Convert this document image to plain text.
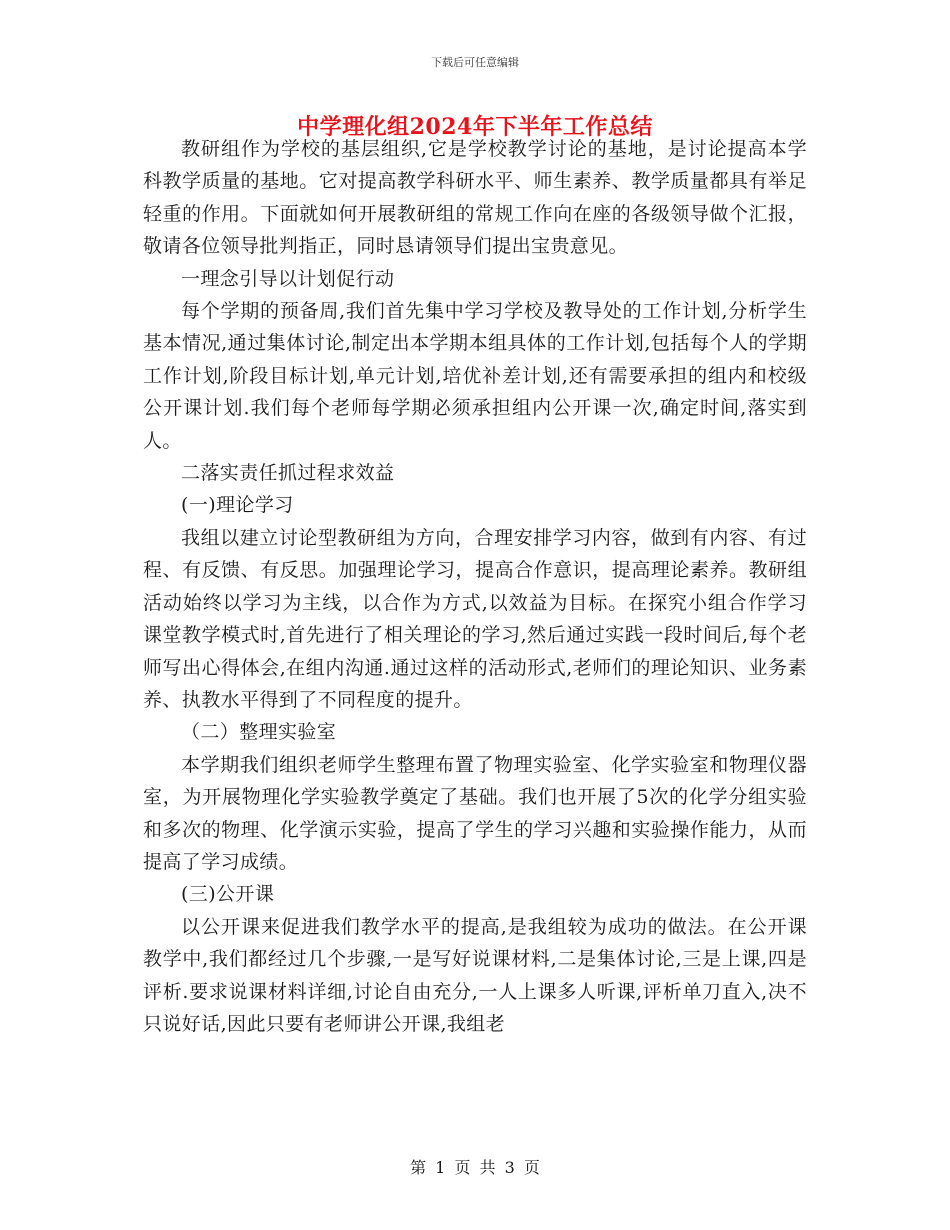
下载后可任意编辑
中学理化组2024年下半年工作总结

教研组作为学校的基层组织,它是学校教学讨论的基地，是讨论提高本学科教学质量的基地。它对提高教学科研水平、师生素养、教学质量都具有举足轻重的作用。下面就如何开展教研组的常规工作向在座的各级领导做个汇报，敬请各位领导批判指正，同时恳请领导们提出宝贵意见。

一理念引导以计划促行动

每个学期的预备周,我们首先集中学习学校及教导处的工作计划,分析学生基本情况,通过集体讨论,制定出本学期本组具体的工作计划,包括每个人的学期工作计划,阶段目标计划,单元计划,培优补差计划,还有需要承担的组内和校级公开课计划.我们每个老师每学期必须承担组内公开课一次,确定时间,落实到人。

二落实责任抓过程求效益

(一)理论学习

我组以建立讨论型教研组为方向，合理安排学习内容，做到有内容、有过程、有反馈、有反思。加强理论学习，提高合作意识，提高理论素养。教研组活动始终以学习为主线，以合作为方式,以效益为目标。在探究小组合作学习课堂教学模式时,首先进行了相关理论的学习,然后通过实践一段时间后,每个老师写出心得体会,在组内沟通.通过这样的活动形式,老师们的理论知识、业务素养、执教水平得到了不同程度的提升。

（二）整理实验室

本学期我们组织老师学生整理布置了物理实验室、化学实验室和物理仪器室，为开展物理化学实验教学奠定了基础。我们也开展了5次的化学分组实验和多次的物理、化学演示实验，提高了学生的学习兴趣和实验操作能力，从而提高了学习成绩。

(三)公开课

以公开课来促进我们教学水平的提高,是我组较为成功的做法。在公开课教学中,我们都经过几个步骤,一是写好说课材料,二是集体讨论,三是上课,四是评析.要求说课材料详细,讨论自由充分,一人上课多人听课,评析单刀直入,决不只说好话,因此只要有老师讲公开课,我组老

第 1 页 共 3 页
